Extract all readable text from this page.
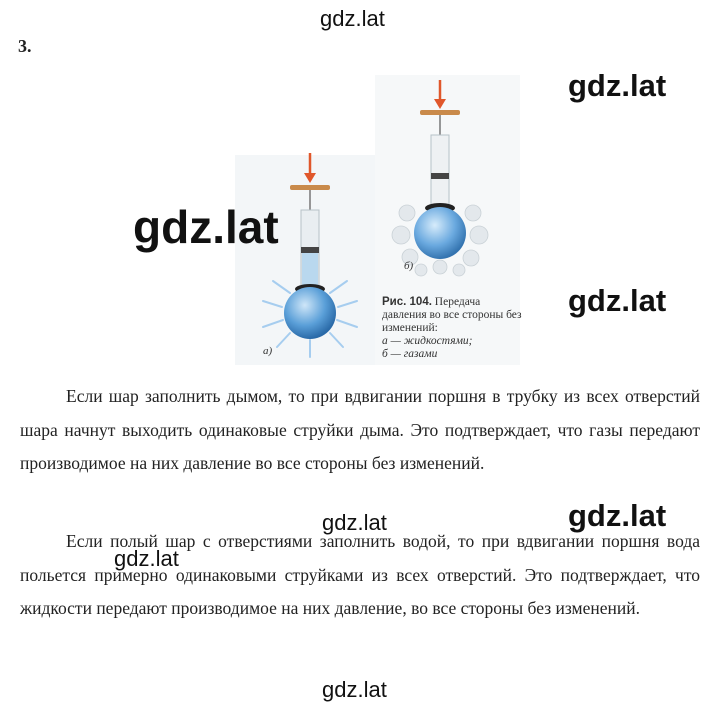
gdz.lat
3.
а)
б)
Рис. 104. Передача давления во все стороны без изменений:
а — жидкостями;
б — газами
gdz.lat
gdz.lat
gdz.lat
Если шар заполнить дымом, то при вдвигании поршня в трубку из всех отверстий шара начнут выходить одинаковые струйки дыма. Это подтверждает, что газы передают производимое на них давление во все стороны без изменений.
Если полый шар с отверстиями заполнить водой, то при вдвигании поршня вода польется примерно одинаковыми струйками из всех отверстий. Это подтверждает, что жидкости передают производимое на них давление, во все стороны без изменений.
gdz.lat	gdz.lat
gdz.lat
gdz.lat
